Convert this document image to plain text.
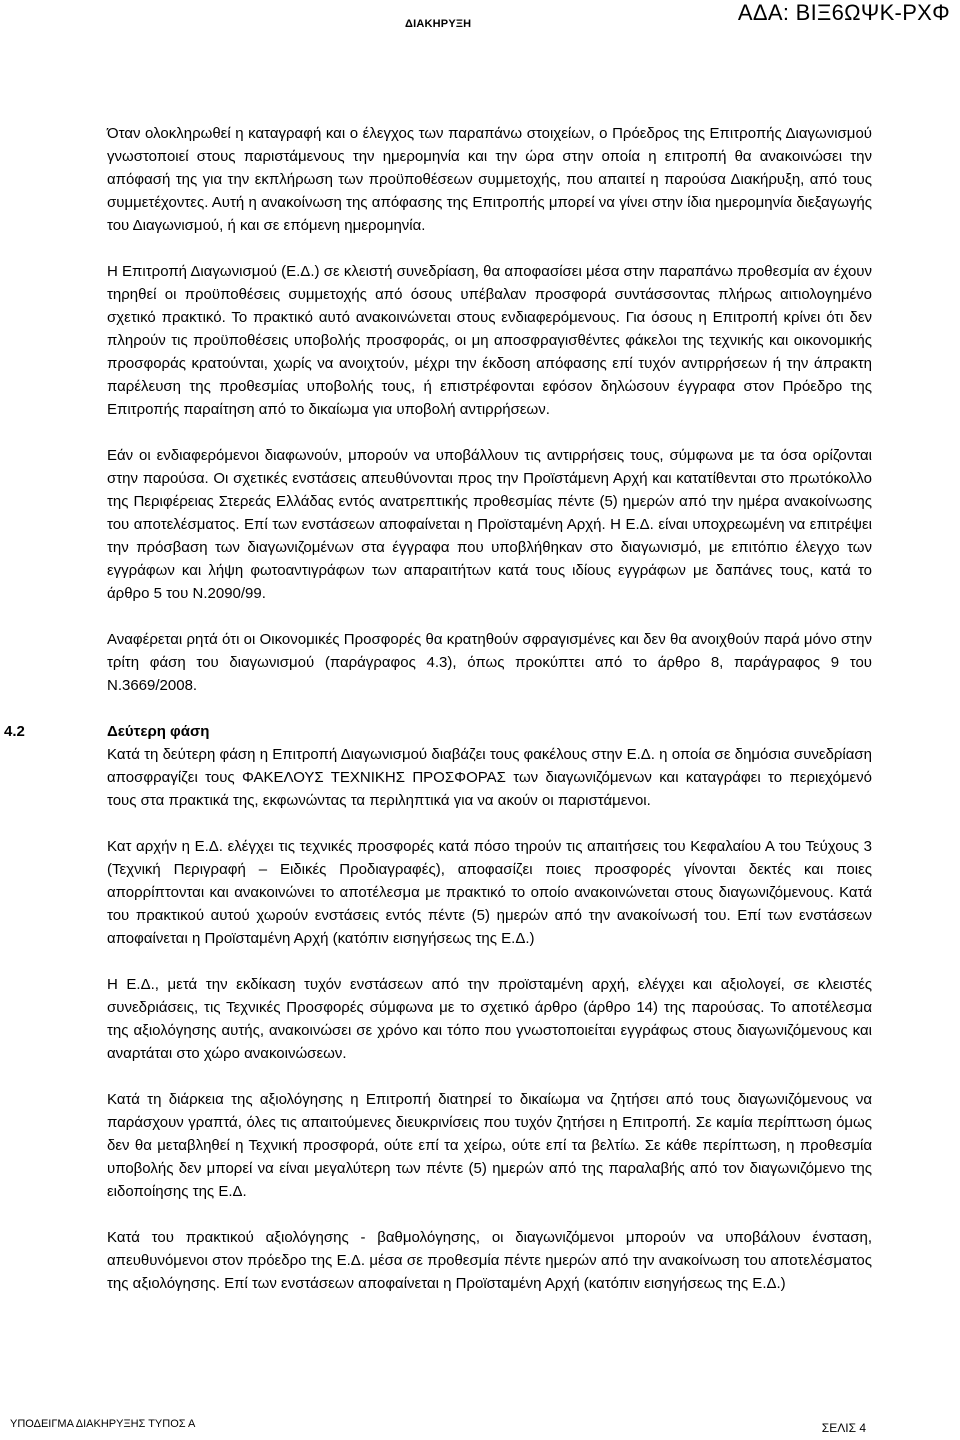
ΔΙΑΚΗΡΥΞΗ	ΑΔΑ: ΒΙΞ6ΩΨΚ-ΡΧΦ

Όταν ολοκληρωθεί η καταγραφή και ο έλεγχος των παραπάνω στοιχείων, ο Πρόεδρος της Επιτροπής Διαγωνισμού γνωστοποιεί στους παριστάμενους την ημερομηνία και την ώρα στην οποία η επιτροπή θα ανακοινώσει την απόφασή της για την εκπλήρωση των προϋποθέσεων συμμετοχής, που απαιτεί η παρούσα Διακήρυξη, από τους συμμετέχοντες. Αυτή η ανακοίνωση της απόφασης της Επιτροπής μπορεί να γίνει στην ίδια ημερομηνία διεξαγωγής του Διαγωνισμού, ή και σε επόμενη ημερομηνία.

Η Επιτροπή Διαγωνισμού (Ε.Δ.) σε κλειστή συνεδρίαση, θα αποφασίσει μέσα στην παραπάνω προθεσμία αν έχουν τηρηθεί οι προϋποθέσεις συμμετοχής από όσους υπέβαλαν προσφορά συντάσσοντας πλήρως αιτιολογημένο σχετικό πρακτικό. Το πρακτικό αυτό ανακοινώνεται στους ενδιαφερόμενους. Για όσους η Επιτροπή κρίνει ότι δεν πληρούν τις προϋποθέσεις υποβολής προσφοράς, οι μη αποσφραγισθέντες φάκελοι της τεχνικής και οικονομικής προσφοράς κρατούνται, χωρίς να ανοιχτούν, μέχρι την έκδοση απόφασης επί τυχόν αντιρρήσεων ή την άπρακτη παρέλευση της προθεσμίας υποβολής τους, ή επιστρέφονται εφόσον δηλώσουν έγγραφα στον Πρόεδρο της Επιτροπής παραίτηση από το δικαίωμα για υποβολή αντιρρήσεων.

Εάν οι ενδιαφερόμενοι διαφωνούν, μπορούν να υποβάλλουν τις αντιρρήσεις τους, σύμφωνα με τα όσα ορίζονται στην παρούσα. Οι σχετικές ενστάσεις απευθύνονται προς την Προϊστάμενη Αρχή και κατατίθενται στο πρωτόκολλο της Περιφέρειας Στερεάς Ελλάδας εντός ανατρεπτικής προθεσμίας πέντε (5) ημερών από την ημέρα ανακοίνωσης του αποτελέσματος. Επί των ενστάσεων αποφαίνεται η Προϊσταμένη Αρχή. Η Ε.Δ. είναι υποχρεωμένη να επιτρέψει την πρόσβαση των διαγωνιζομένων στα έγγραφα που υποβλήθηκαν στο διαγωνισμό, με επιτόπιο έλεγχο των εγγράφων και λήψη φωτοαντιγράφων των απαραιτήτων κατά τους ιδίους εγγράφων με δαπάνες τους, κατά το άρθρο 5 του Ν.2090/99.

Αναφέρεται ρητά ότι οι Οικονομικές Προσφορές θα κρατηθούν σφραγισμένες και δεν θα ανοιχθούν παρά μόνο στην τρίτη φάση του διαγωνισμού (παράγραφος 4.3), όπως προκύπτει από το άρθρο 8, παράγραφος 9 του Ν.3669/2008.

4.2	Δεύτερη φάση

Κατά τη δεύτερη φάση η Επιτροπή Διαγωνισμού διαβάζει τους φακέλους στην Ε.Δ. η οποία σε δημόσια συνεδρίαση αποσφραγίζει τους ΦΑΚΕΛΟΥΣ ΤΕΧΝΙΚΗΣ ΠΡΟΣΦΟΡΑΣ των διαγωνιζόμενων και καταγράφει το περιεχόμενό τους στα πρακτικά της, εκφωνώντας τα περιληπτικά για να ακούν οι παριστάμενοι.

Κατ αρχήν η Ε.Δ. ελέγχει τις τεχνικές προσφορές κατά πόσο τηρούν τις απαιτήσεις του Κεφαλαίου Α του Τεύχους 3 (Τεχνική Περιγραφή – Ειδικές Προδιαγραφές), αποφασίζει ποιες προσφορές γίνονται δεκτές και ποιες απορρίπτονται και ανακοινώνει το αποτέλεσμα με πρακτικό το οποίο ανακοινώνεται στους διαγωνιζόμενους. Κατά του πρακτικού αυτού χωρούν ενστάσεις εντός πέντε (5) ημερών από την ανακοίνωσή του. Επί των ενστάσεων αποφαίνεται η Προϊσταμένη Αρχή (κατόπιν εισηγήσεως της Ε.Δ.)

Η Ε.Δ., μετά την εκδίκαση τυχόν ενστάσεων από την προϊσταμένη αρχή, ελέγχει και αξιολογεί, σε κλειστές συνεδριάσεις, τις Τεχνικές Προσφορές σύμφωνα με το σχετικό άρθρο (άρθρο 14) της παρούσας. Το αποτέλεσμα της αξιολόγησης αυτής, ανακοινώσει σε χρόνο και τόπο που γνωστοποιείται εγγράφως στους διαγωνιζόμενους και αναρτάται στο χώρο ανακοινώσεων.

Κατά τη διάρκεια της αξιολόγησης η Επιτροπή διατηρεί το δικαίωμα να ζητήσει από τους διαγωνιζόμενους να παράσχουν γραπτά, όλες τις απαιτούμενες διευκρινίσεις που τυχόν ζητήσει η Επιτροπή. Σε καμία περίπτωση όμως δεν θα μεταβληθεί η Τεχνική προσφορά, ούτε επί τα χείρω, ούτε επί τα βελτίω. Σε κάθε περίπτωση, η προθεσμία υποβολής δεν μπορεί να είναι μεγαλύτερη των πέντε (5) ημερών από της παραλαβής από τον διαγωνιζόμενο της ειδοποίησης της Ε.Δ.

Κατά του πρακτικού αξιολόγησης - βαθμολόγησης, οι διαγωνιζόμενοι μπορούν να υποβάλουν ένσταση, απευθυνόμενοι στον πρόεδρο της Ε.Δ. μέσα σε προθεσμία πέντε ημερών από την ανακοίνωση του αποτελέσματος της αξιολόγησης. Επί των ενστάσεων αποφαίνεται η Προϊσταμένη Αρχή (κατόπιν εισηγήσεως της Ε.Δ.)

ΥΠΟΔΕΙΓΜΑ ΔΙΑΚΗΡΥΞΗΣ ΤΥΠΟΣ Α	ΣΕΛΙΣ 4
